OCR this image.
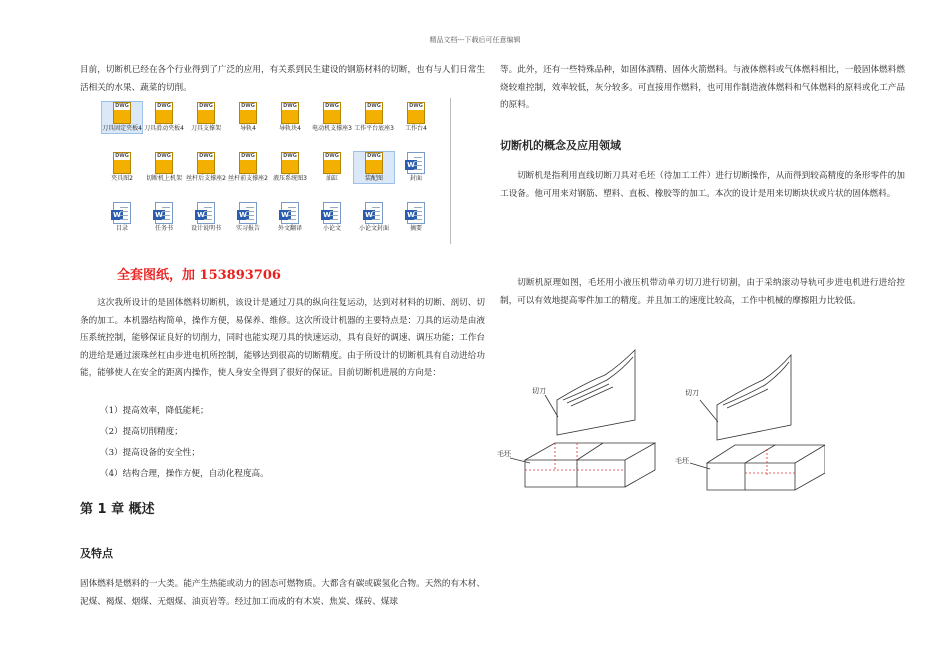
精品文档---下载后可任意编辑

目前，切断机已经在各个行业得到了广泛的应用，有关系到民生建设的钢筋材料的切断，也有与人们日常生活相关的水果、蔬菜的切削。

DWG
刀具固定夹板4
DWG
刀具滑动夹板4
DWG
刀具支撑架
DWG
导轨4
DWG
导轨块4
DWG
电动机支撑座3
DWG
工作平台底座3
DWG
工作台4
DWG
夹具图2
DWG
切断机上机架
DWG
丝杆后支撑座2
DWG
丝杆前支撑座2
DWG
液压系统图3
DWG
油缸
DWG
装配图
W	封面
W
目录
W	任务书
W	设计说明书
W	实习报告
W	外文翻译
W	小论文
W	小论文封面
W	摘要
全套图纸，加 153893706

这次我所设计的是固体燃料切断机，该设计是通过刀具的纵向往复运动，达到对材料的切断、剖切、切条的加工。本机器结构简单，操作方便，易保养、维修。这次所设计机器的主要特点是：刀具的运动是由液压系统控制，能够保证良好的切削力，同时也能实现刀具的快速运动，具有良好的调速、调压功能；工作台的进给是通过滚珠丝杠由步进电机所控制，能够达到很高的切断精度。由于所设计的切断机具有自动进给功能，能够使人在安全的距离内操作，使人身安全得到了很好的保证。目前切断机进展的方向是：

（1）提高效率，降低能耗；
（2）提高切削精度；
（3）提高设备的安全性；
（4）结构合理，操作方便，自动化程度高。
第 1 章 概述
及特点

固体燃料是燃料的一大类。能产生热能或动力的固态可燃物质。大都含有碳或碳氢化合物。天然的有木材、泥煤、褐煤、烟煤、无烟煤、油页岩等。经过加工而成的有木炭、焦炭、煤砖、煤球

等。此外，还有一些特殊品种，如固体酒精、固体火箭燃料。与液体燃料或气体燃料相比，一般固体燃料燃烧较难控制，效率较低，灰分较多。可直接用作燃料，也可用作制造液体燃料和气体燃料的原料或化工产品的原料。

切断机的概念及应用领域

切断机是指利用直线切断刀具对毛坯（待加工工件）进行切断操作，从而得到较高精度的条形零件的加工设备。他可用来对钢筋、塑料、直板、橡胶等的加工。本次的设计是用来切断块状或片状的固体燃料。

切断机原理如图，毛坯用小液压机带动单刃切刀进行切割，由于采纳滚动导轨可步进电机进行进给控制，可以有效地提高零件加工的精度。并且加工的速度比较高，工作中机械的摩擦阻力比较低。

切刀
毛坯
切刀
毛坯
